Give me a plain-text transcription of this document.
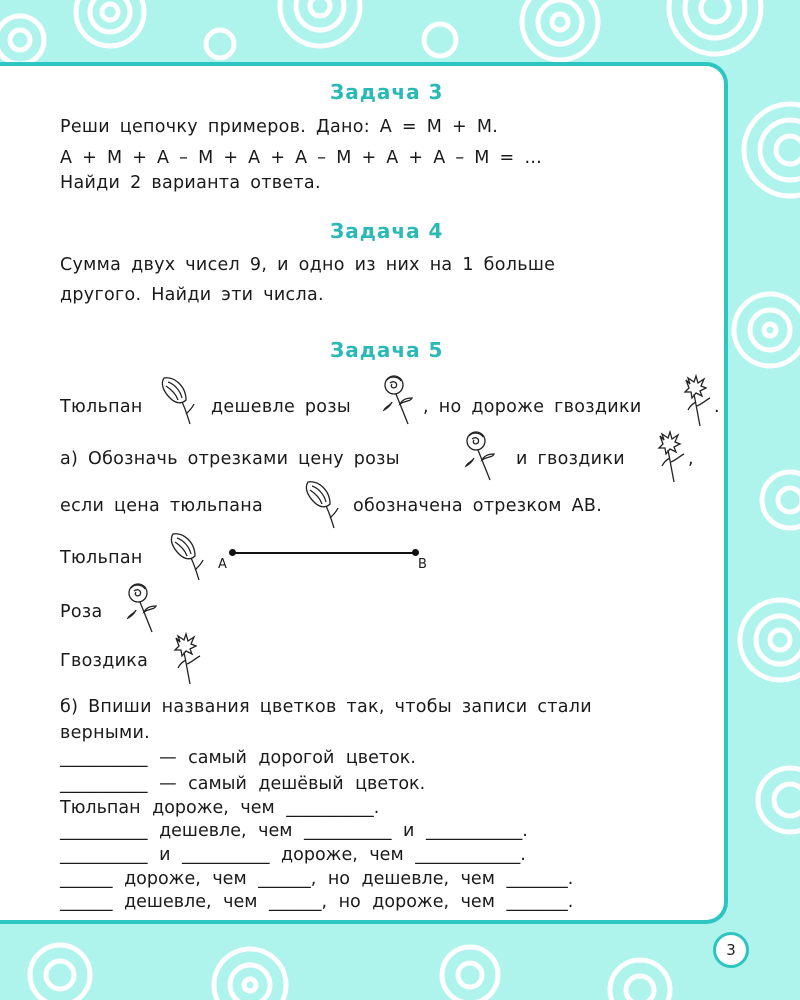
3
Задача 3
Реши цепочку примеров. Дано: А = М + М.
А + М + А – М + А + А – М + А + А – М = …
Найди 2 варианта ответа.
Задача 4
Сумма двух чисел 9, и одно из них на 1 больше
другого. Найди эти числа.
Задача 5
Тюльпан	дешевле розы	, но дороже гвоздики	.
а) Обозначь отрезками цену розы	и гвоздики	,
если цена тюльпана	обозначена отрезком АВ.
Тюльпан	A	B
Роза
Гвоздика
б) Впиши названия цветков так, чтобы записи стали
верными.
__________ — самый дорогой цветок.
__________ — самый дешёвый цветок.
Тюльпан дороже, чем __________.
__________ дешевле, чем __________ и ___________.
__________ и __________ дороже, чем ____________.
______ дороже, чем ______, но дешевле, чем _______.
______ дешевле, чем ______, но дороже, чем _______.
